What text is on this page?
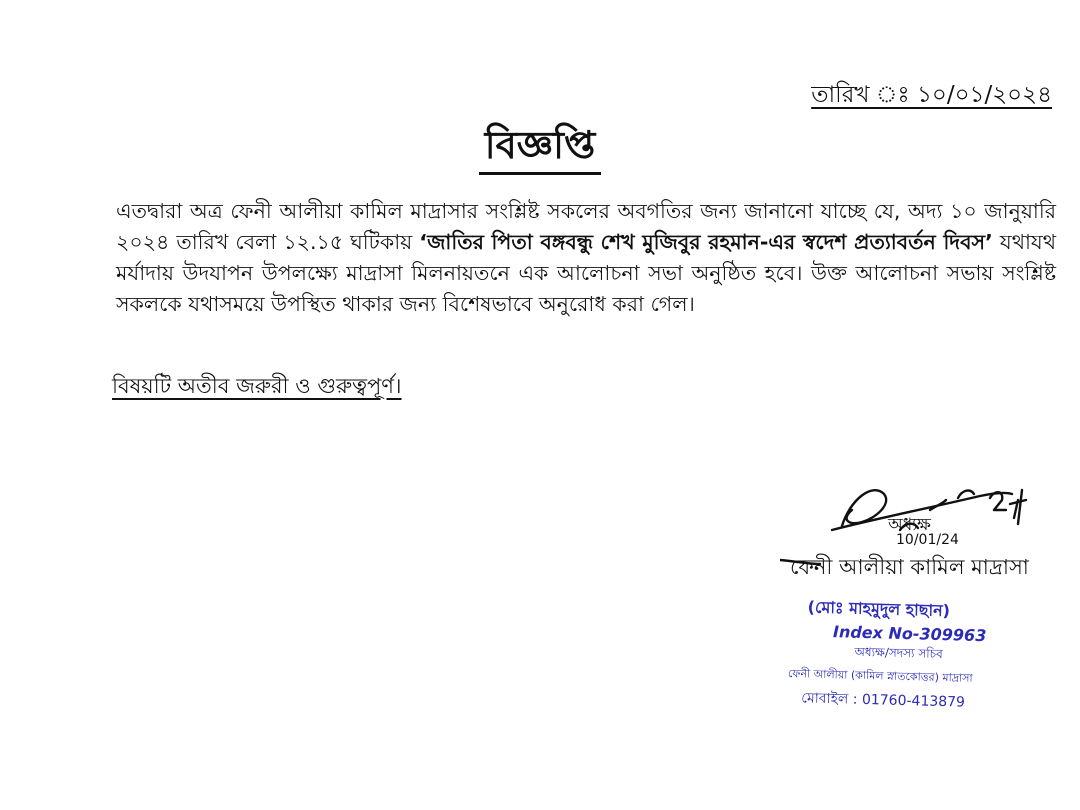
তারিখ ঃ ১০/০১/২০২৪
বিজ্ঞপ্তি

এতদ্বারা অত্র ফেনী আলীয়া কামিল মাদ্রাসার সংশ্লিষ্ট সকলের অবগতির জন্য জানানো যাচ্ছে যে, অদ্য ১০ জানুয়ারি ২০২৪ তারিখ বেলা ১২.১৫ ঘটিকায় ‘জাতির পিতা বঙ্গবন্ধু শেখ মুজিবুর রহমান-এর স্বদেশ প্রত্যাবর্তন দিবস’ যথাযথ মর্যাদায় উদযাপন উপলক্ষ্যে মাদ্রাসা মিলনায়তনে এক আলোচনা সভা অনুষ্ঠিত হবে। উক্ত আলোচনা সভায় সংশ্লিষ্ট সকলকে যথাসময়ে উপস্থিত থাকার জন্য বিশেষভাবে অনুরোধ করা গেল।

বিষয়টি অতীব জরুরী ও গুরুত্বপূর্ণ।
10/01/24
অধ্যক্ষ
ফেনী আলীয়া কামিল মাদ্রাসা
(মোঃ মাহমুদুল হাছান)
Index No-309963
অধ্যক্ষ/সদস্য সচিব
ফেনী আলীয়া (কামিল স্নাতকোত্তর) মাদ্রাসা
মোবাইল : 01760-413879
